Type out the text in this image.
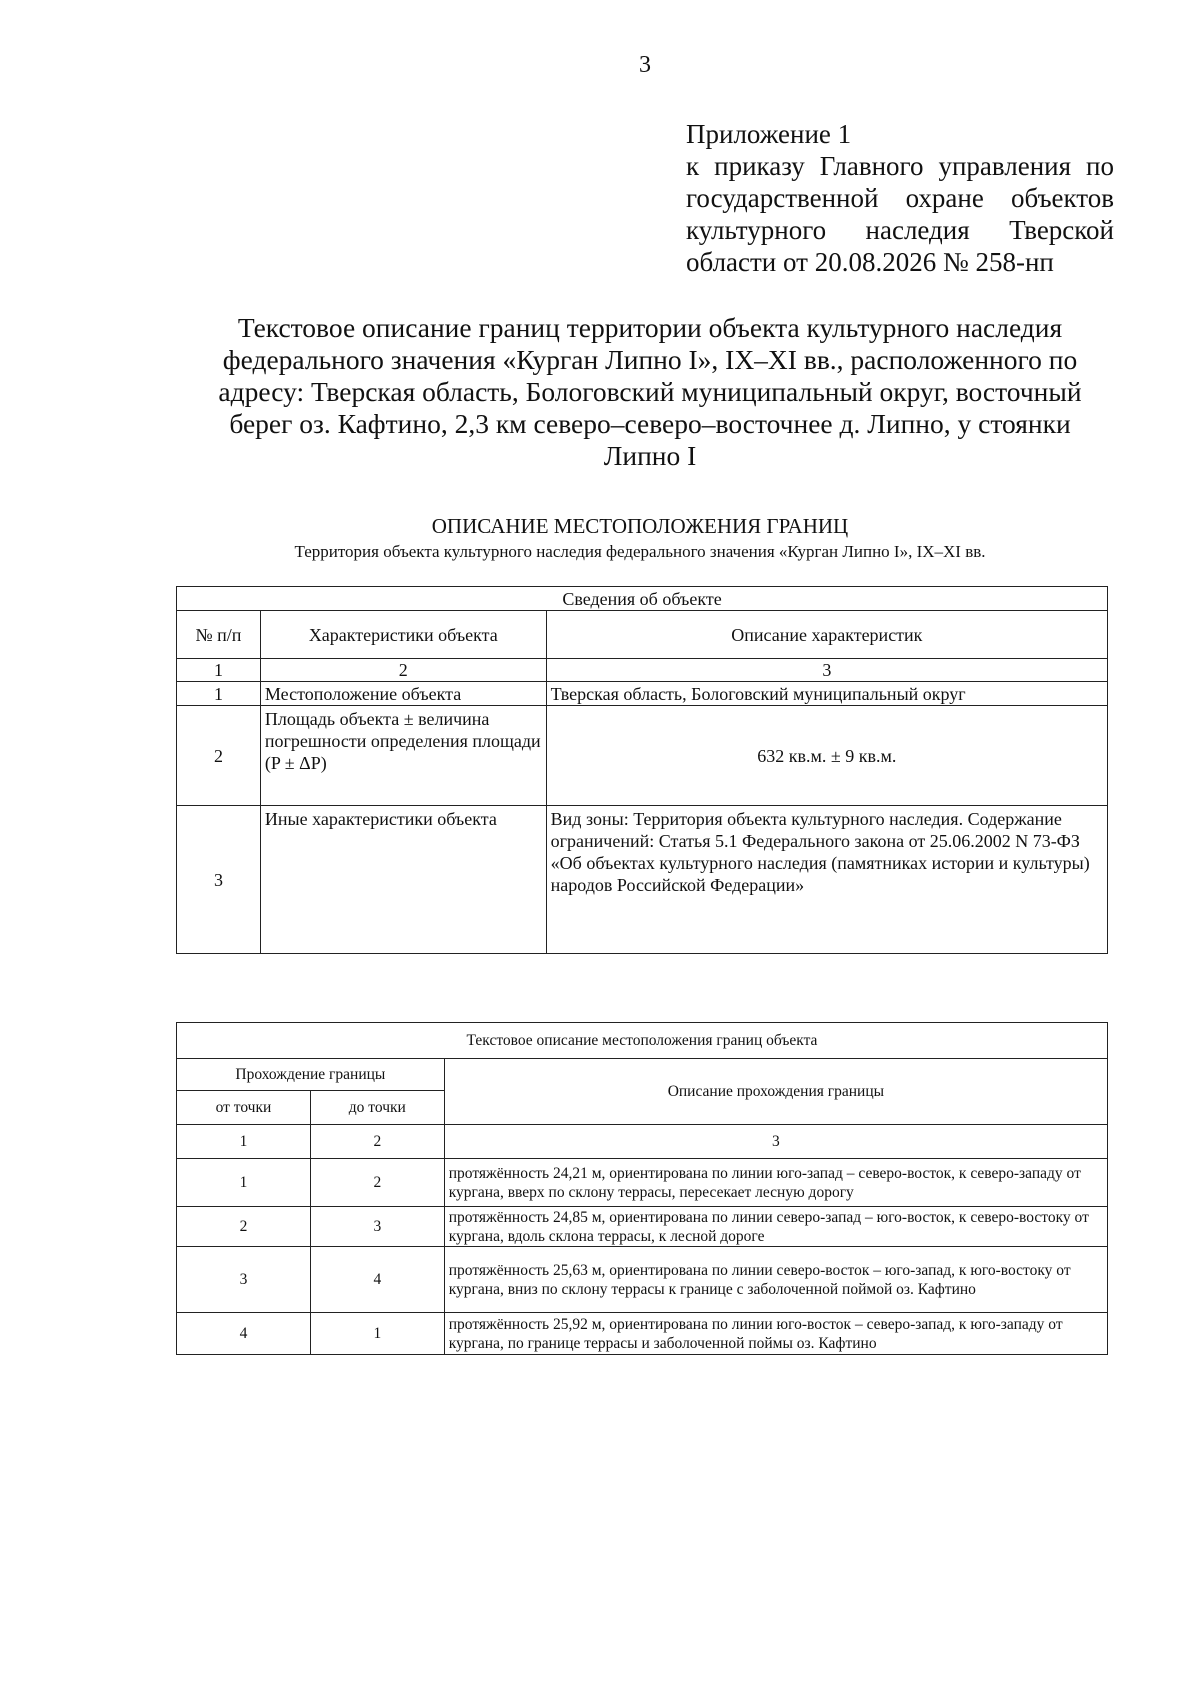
3
Приложение 1
к приказу Главного управления по
государственной охране объектов
культурного наследия Тверской
области от 20.08.2026 № 258-нп
Текстовое описание границ территории объекта культурного наследия
федерального значения «Курган Липно I», IX–XI вв., расположенного по
адресу: Тверская область, Бологовский муниципальный округ, восточный
берег оз. Кафтино, 2,3 км северо–северо–восточнее д. Липно, у стоянки
Липно I
ОПИСАНИЕ МЕСТОПОЛОЖЕНИЯ ГРАНИЦ
Территория объекта культурного наследия федерального значения «Курган Липно I», IX–XI вв.
Сведения об объекте		
№ п/п	Характеристики объекта	Описание характеристик
1	2	3
1	Местоположение объекта	Тверская область, Бологовский муниципальный округ
2	Площадь объекта ± величина погрешности определения площади (P ± ΔP)	632 кв.м. ± 9 кв.м.
3	Иные характеристики объекта	Вид зоны: Территория объекта культурного наследия. Содержание ограничений: Статья 5.1 Федерального закона от 25.06.2002 N 73-ФЗ «Об объектах культурного наследия (памятниках истории и культуры) народов Российской Федерации»
Текстовое описание местоположения границ объекта		
Прохождение границы		Описание прохождения границы
от точки	до точки	
1	2	3
1	2	протяжённость 24,21 м, ориентирована по линии юго-запад – северо-восток, к северо-западу от кургана, вверх по склону террасы, пересекает лесную дорогу
2	3	протяжённость 24,85 м, ориентирована по линии северо-запад – юго-восток, к северо-востоку от кургана, вдоль склона террасы, к лесной дороге
3	4	протяжённость 25,63 м, ориентирована по линии северо-восток – юго-запад, к юго-востоку от кургана, вниз по склону террасы к границе с заболоченной поймой оз. Кафтино
4	1	протяжённость 25,92 м, ориентирована по линии юго-восток – северо-запад, к юго-западу от кургана, по границе террасы и заболоченной поймы оз. Кафтино
